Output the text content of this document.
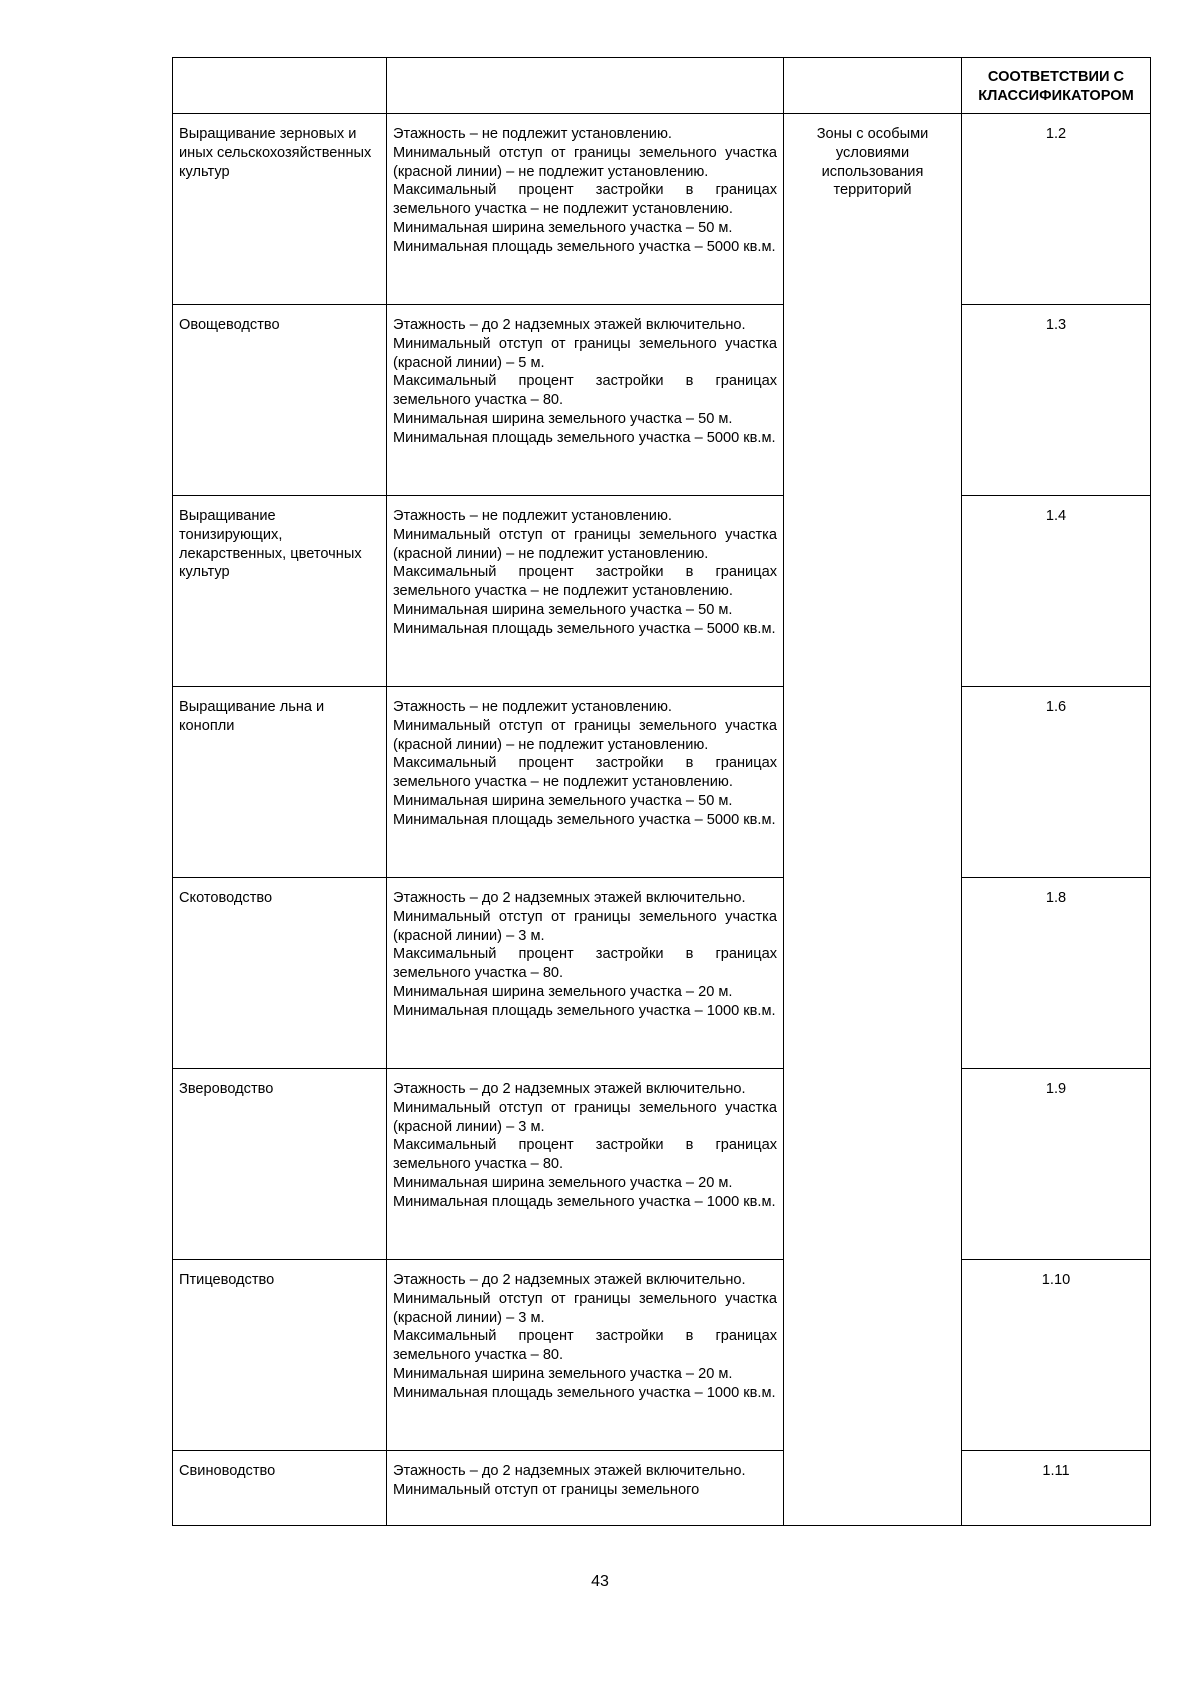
			СООТВЕТСТВИИ С КЛАССИФИКАТОРОМ
Выращивание зерновых и иных сельскохозяйственных культур	Этажность – не подлежит установлению.

Минимальный отступ от границы земельного участка (красной линии) – не подлежит установлению.

Максимальный процент застройки в границах земельного участка – не подлежит установлению.

Минимальная ширина земельного участка – 50 м.

Минимальная площадь земельного участка – 5000 кв.м.	Зоны с особыми условиями использования территорий	1.2
Овощеводство	Этажность – до 2 надземных этажей включительно.

Минимальный отступ от границы земельного участка (красной линии) – 5 м.

Максимальный процент застройки в границах земельного участка – 80.

Минимальная ширина земельного участка – 50 м.

Минимальная площадь земельного участка – 5000 кв.м.		1.3
Выращивание тонизирующих, лекарственных, цветочных культур	Этажность – не подлежит установлению.

Минимальный отступ от границы земельного участка (красной линии) – не подлежит установлению.

Максимальный процент застройки в границах земельного участка – не подлежит установлению.

Минимальная ширина земельного участка – 50 м.

Минимальная площадь земельного участка – 5000 кв.м.		1.4
Выращивание льна и конопли	Этажность – не подлежит установлению.

Минимальный отступ от границы земельного участка (красной линии) – не подлежит установлению.

Максимальный процент застройки в границах земельного участка – не подлежит установлению.

Минимальная ширина земельного участка – 50 м.

Минимальная площадь земельного участка – 5000 кв.м.		1.6
Скотоводство	Этажность – до 2 надземных этажей включительно.

Минимальный отступ от границы земельного участка (красной линии) – 3 м.

Максимальный процент застройки в границах земельного участка – 80.

Минимальная ширина земельного участка – 20 м.

Минимальная площадь земельного участка – 1000 кв.м.		1.8
Звероводство	Этажность – до 2 надземных этажей включительно.

Минимальный отступ от границы земельного участка (красной линии) – 3 м.

Максимальный процент застройки в границах земельного участка – 80.

Минимальная ширина земельного участка – 20 м.

Минимальная площадь земельного участка – 1000 кв.м.		1.9
Птицеводство	Этажность – до 2 надземных этажей включительно.

Минимальный отступ от границы земельного участка (красной линии) – 3 м.

Максимальный процент застройки в границах земельного участка – 80.

Минимальная ширина земельного участка – 20 м.

Минимальная площадь земельного участка – 1000 кв.м.		1.10
Свиноводство	Этажность – до 2 надземных этажей включительно.

Минимальный отступ от границы земельного		1.11
43
